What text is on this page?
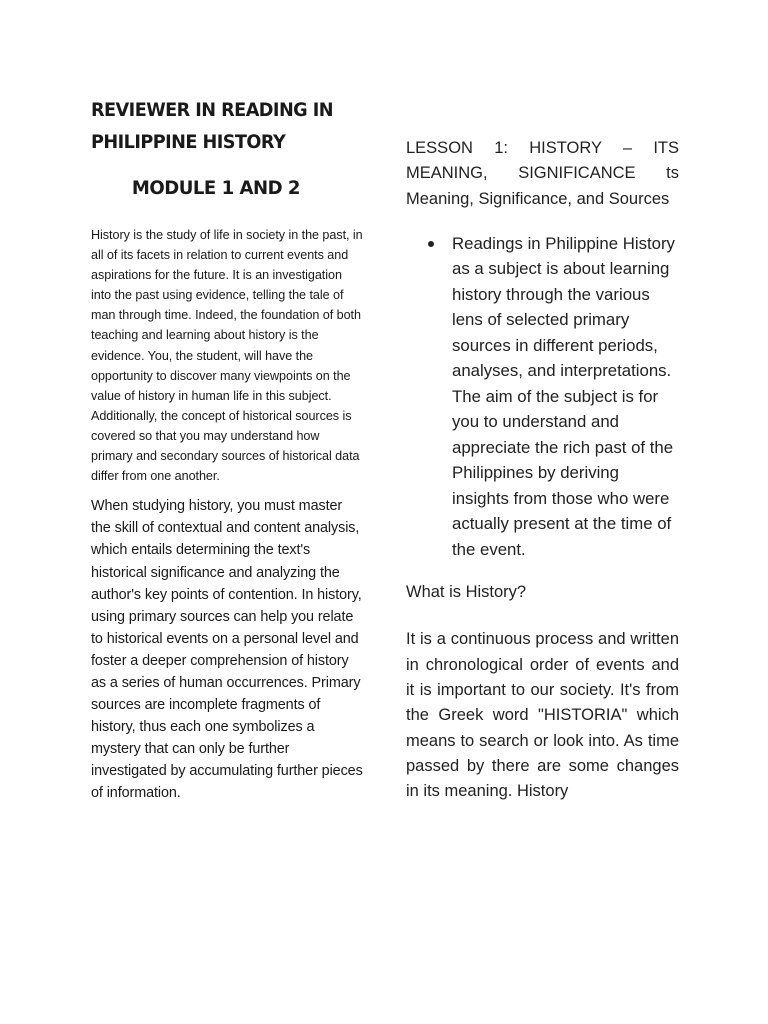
REVIEWER IN READING IN PHILIPPINE HISTORY
MODULE 1 AND 2

History is the study of life in society in the past, in all of its facets in relation to current events and aspirations for the future. It is an investigation into the past using evidence, telling the tale of man through time. Indeed, the foundation of both teaching and learning about history is the evidence. You, the student, will have the opportunity to discover many viewpoints on the value of history in human life in this subject. Additionally, the concept of historical sources is covered so that you may understand how primary and secondary sources of historical data differ from one another.

When studying history, you must master the skill of contextual and content analysis, which entails determining the text's historical significance and analyzing the author's key points of contention. In history, using primary sources can help you relate to historical events on a personal level and foster a deeper comprehension of history as a series of human occurrences. Primary sources are incomplete fragments of history, thus each one symbolizes a mystery that can only be further investigated by accumulating further pieces of information.

LESSON 1: HISTORY – ITS MEANING, SIGNIFICANCE ts Meaning, Significance, and Sources

Readings in Philippine History as a subject is about learning history through the various lens of selected primary sources in different periods, analyses, and interpretations. The aim of the subject is for you to understand and appreciate the rich past of the Philippines by deriving insights from those who were actually present at the time of the event.

What is History?

It is a continuous process and written in chronological order of events and it is important to our society. It's from the Greek word "HISTORIA" which means to search or look into. As time passed by there are some changes in its meaning. History
